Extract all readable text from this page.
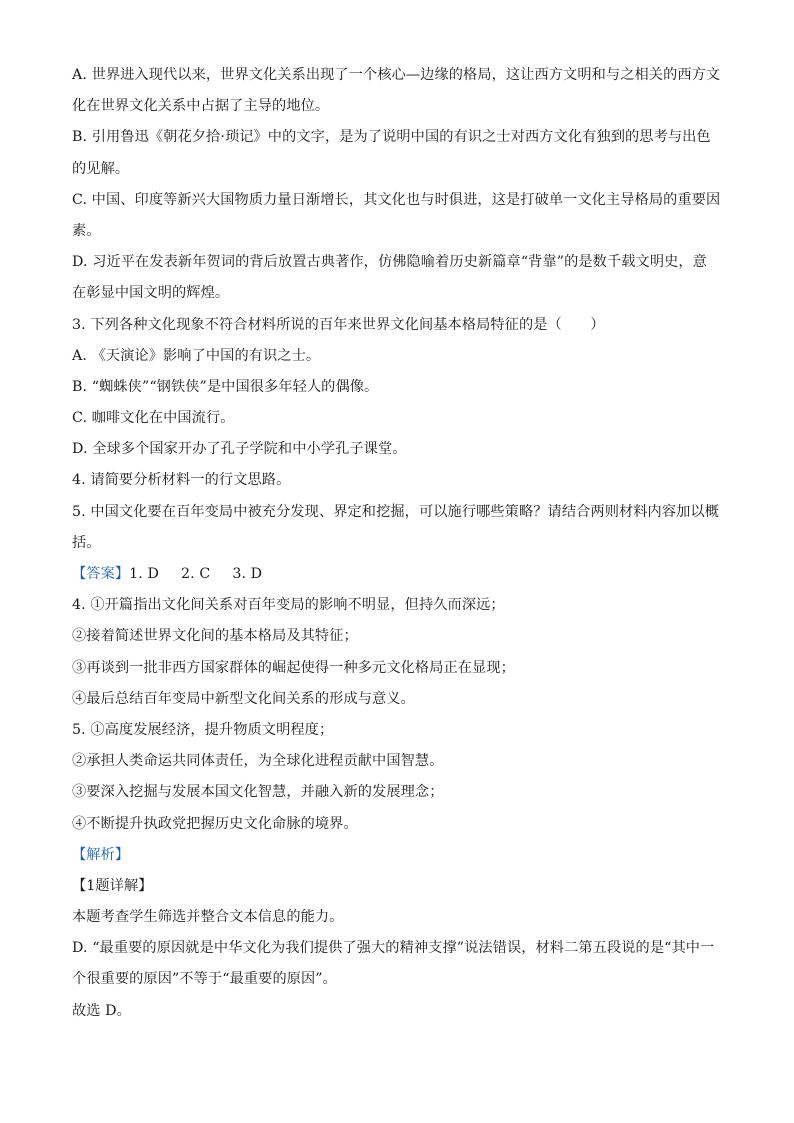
A. 世界进入现代以来，世界文化关系出现了一个核心—边缘的格局，这让西方文明和与之相关的西方文
化在世界文化关系中占据了主导的地位。
B. 引用鲁迅《朝花夕拾·琐记》中的文字，是为了说明中国的有识之士对西方文化有独到的思考与出色
的见解。
C. 中国、印度等新兴大国物质力量日渐增长，其文化也与时俱进，这是打破单一文化主导格局的重要因
素。
D. 习近平在发表新年贺词的背后放置古典著作，仿佛隐喻着历史新篇章“背靠”的是数千载文明史，意
在彰显中国文明的辉煌。
3. 下列各种文化现象不符合材料所说的百年来世界文化间基本格局特征的是（　　）
A. 《天演论》影响了中国的有识之士。
B. “蜘蛛侠”“钢铁侠”是中国很多年轻人的偶像。
C. 咖啡文化在中国流行。
D. 全球多个国家开办了孔子学院和中小学孔子课堂。
4. 请简要分析材料一的行文思路。
5. 中国文化要在百年变局中被充分发现、界定和挖掘，可以施行哪些策略？请结合两则材料内容加以概
括。
【答案】1. D 2. C 3. D
4. ①开篇指出文化间关系对百年变局的影响不明显，但持久而深远；
②接着简述世界文化间的基本格局及其特征；
③再谈到一批非西方国家群体的崛起使得一种多元文化格局正在显现；
④最后总结百年变局中新型文化间关系的形成与意义。
5. ①高度发展经济，提升物质文明程度；
②承担人类命运共同体责任，为全球化进程贡献中国智慧。
③要深入挖掘与发展本国文化智慧，并融入新的发展理念；
④不断提升执政党把握历史文化命脉的境界。
【解析】
【1题详解】
本题考查学生筛选并整合文本信息的能力。
D. “最重要的原因就是中华文化为我们提供了强大的精神支撑”说法错误，材料二第五段说的是“其中一
个很重要的原因”不等于“最重要的原因”。
故选 D。
